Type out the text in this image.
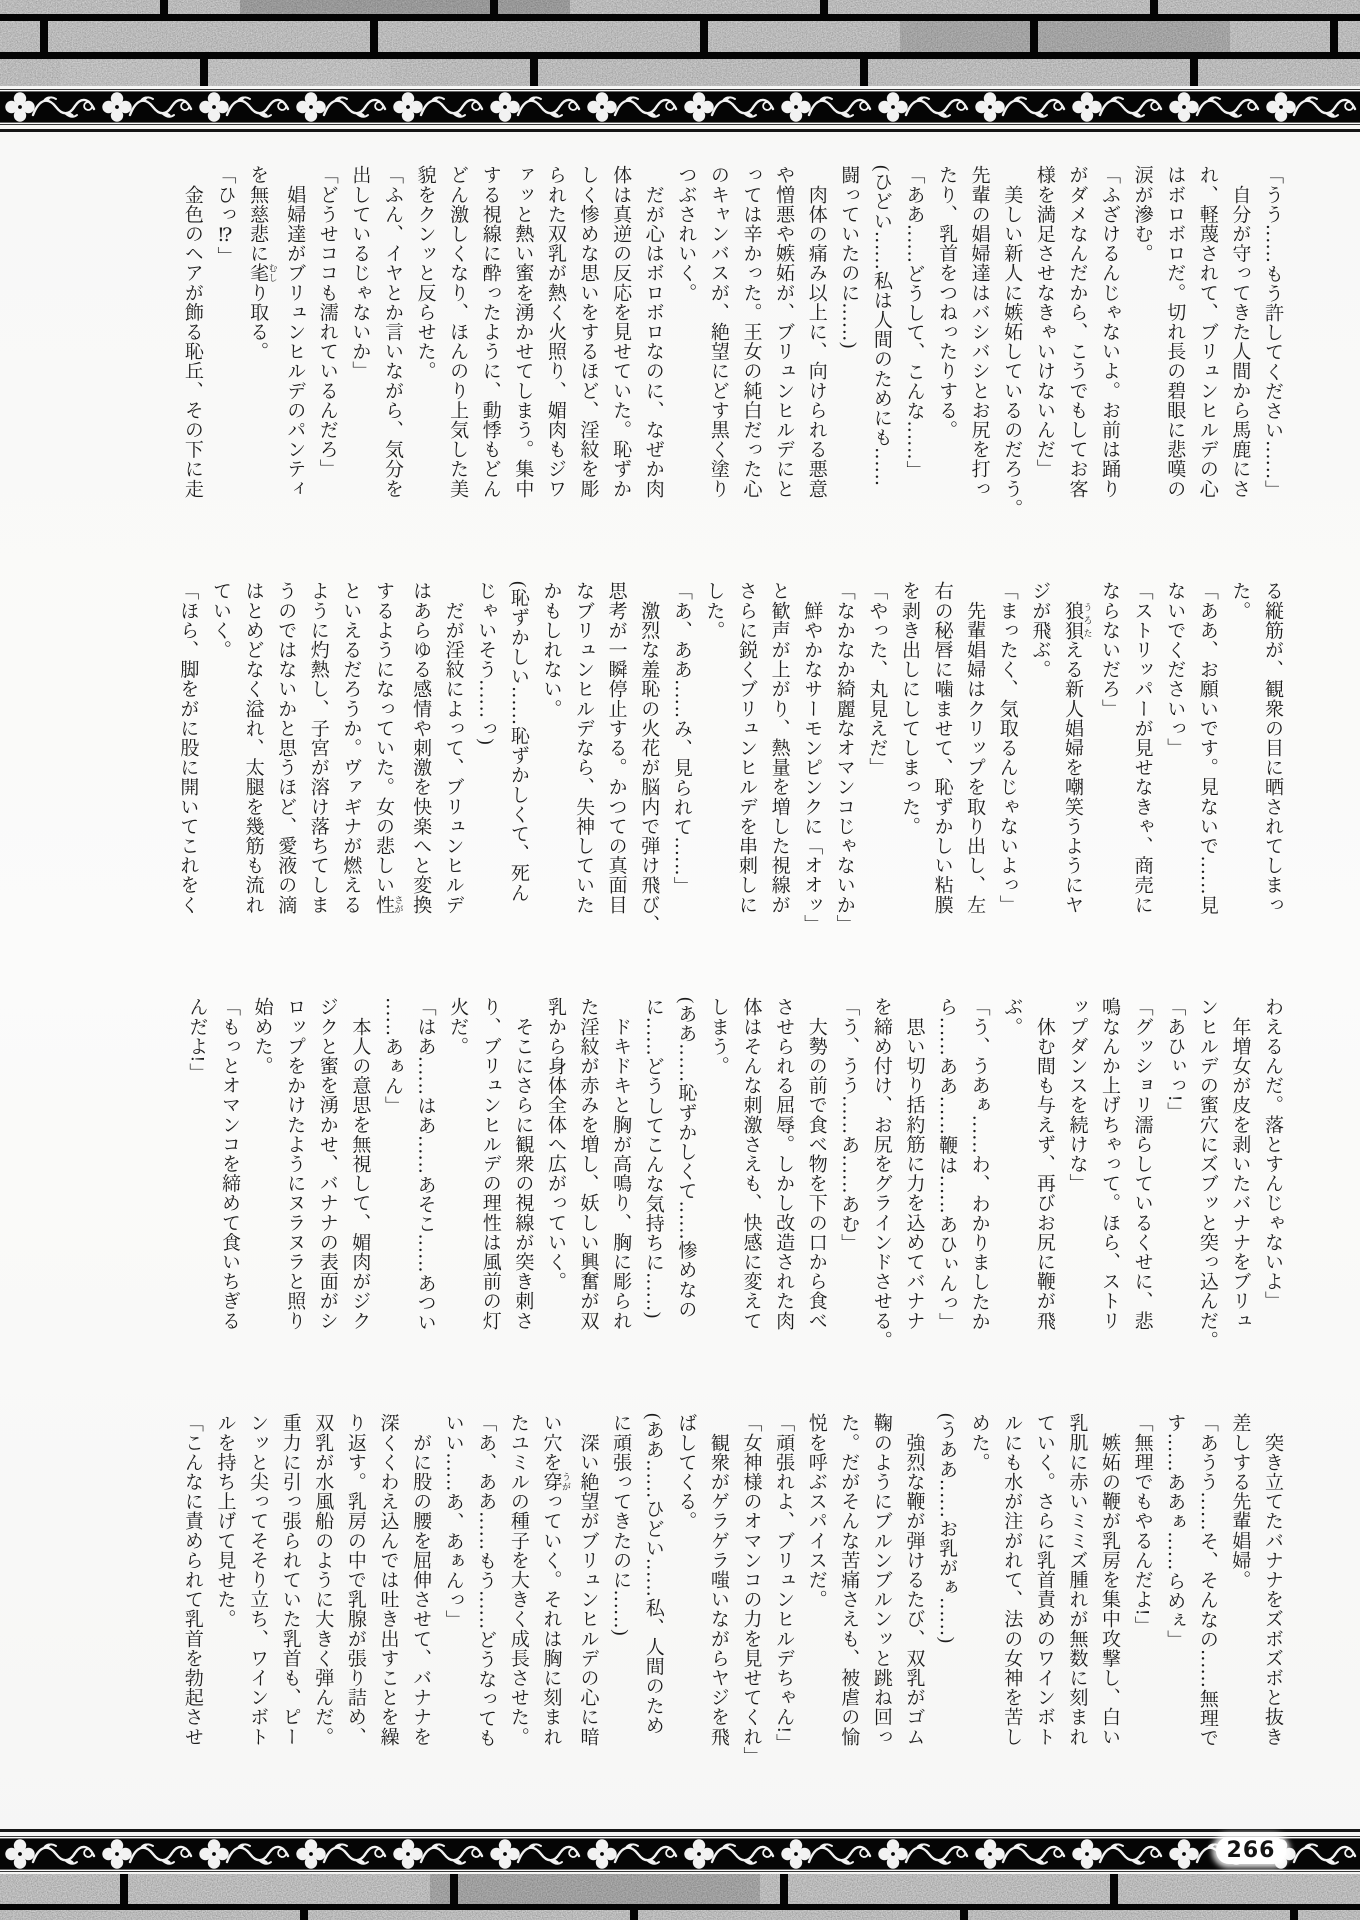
「うう‥‥‥もう許してください‥‥‥」
　自分が守ってきた人間から馬鹿にさ
れ、軽蔑されて、ブリュンヒルデの心
はボロボロだ。切れ長の碧眼に悲嘆の
涙が滲む。
「ふざけるんじゃないよ。お前は踊り
がダメなんだから、こうでもしてお客
様を満足させなきゃいけないんだ」
　美しい新人に嫉妬しているのだろう。
先輩の娼婦達はバシバシとお尻を打っ
たり、乳首をつねったりする。
「ああ‥‥‥どうして、こんな‥‥‥」
(ひどい‥‥‥私は人間のためにも‥‥‥
闘っていたのに‥‥‥)
　肉体の痛み以上に、向けられる悪意
や憎悪や嫉妬が、ブリュンヒルデにと
っては辛かった。王女の純白だった心
のキャンバスが、絶望にどす黒く塗り
つぶされいく。
　だが心はボロボロなのに、なぜか肉
体は真逆の反応を見せていた。恥ずか
しく惨めな思いをするほど、淫紋を彫
られた双乳が熱く火照り、媚肉もジワ
ァッと熱い蜜を湧かせてしまう。集中
する視線に酔ったように、動悸もどん
どん激しくなり、ほんのり上気した美
貌をクンッと反らせた。
「ふん、イヤとか言いながら、気分を
出しているじゃないか」
「どうせココも濡れているんだろ」
　娼婦達がブリュンヒルデのパンティ
を無慈悲に毟 むしり取る。
「ひっ⁉」
　金色のヘアが飾る恥丘、その下に走
る縦筋が、観衆の目に晒されてしまっ
た。
「ああ、お願いです。見ないで‥‥‥見
ないでくださいっ」
「ストリッパーが見せなきゃ、商売に
ならないだろ」
　狼狽 うろたえる新人娼婦を嘲笑うようにヤ
ジが飛ぶ。
「まったく、気取るんじゃないよっ」
　先輩娼婦はクリップを取り出し、左
右の秘唇に噛ませて、恥ずかしい粘膜
を剥き出しにしてしまった。
「やった、丸見えだ」
「なかなか綺麗なオマンコじゃないか」
　鮮やかなサーモンピンクに「オオッ」
と歓声が上がり、熱量を増した視線が
さらに鋭くブリュンヒルデを串刺しに
した。
「あ、ああ‥‥‥み、見られて‥‥‥」
　激烈な羞恥の火花が脳内で弾け飛び、
思考が一瞬停止する。かつての真面目
なブリュンヒルデなら、失神していた
かもしれない。
(恥ずかしい‥‥‥恥ずかしくて、死ん
じゃいそう‥‥‥っ)
　だが淫紋によって、ブリュンヒルデ
はあらゆる感情や刺激を快楽へと変換
するようになっていた。女の悲しい性 さが
といえるだろうか。ヴァギナが燃える
ように灼熱し、子宮が溶け落ちてしま
うのではないかと思うほど、愛液の滴
はとめどなく溢れ、太腿を幾筋も流れ
ていく。
「ほら、脚をがに股に開いてこれをく
わえるんだ。落とすんじゃないよ」
　年増女が皮を剥いたバナナをブリュ
ンヒルデの蜜穴にズブッと突っ込んだ。
「あひぃっ!」
「グッショリ濡らしているくせに、悲
鳴なんか上げちゃって。ほら、ストリ
ップダンスを続けな」
　休む間も与えず、再びお尻に鞭が飛
ぶ。
「う、うあぁ‥‥‥わ、わかりましたか
ら‥‥‥ああ‥‥‥鞭は‥‥‥あひぃんっ」
　思い切り括約筋に力を込めてバナナ
を締め付け、お尻をグラインドさせる。
「う、うう‥‥‥あ‥‥‥あむ」
　大勢の前で食べ物を下の口から食べ
させられる屈辱。しかし改造された肉
体はそんな刺激さえも、快感に変えて
しまう。
(ああ‥‥‥恥ずかしくて‥‥‥惨めなの
に‥‥‥どうしてこんな気持ちに‥‥‥)
　ドキドキと胸が高鳴り、胸に彫られ
た淫紋が赤みを増し、妖しい興奮が双
乳から身体全体へ広がっていく。
　そこにさらに観衆の視線が突き刺さ
り、ブリュンヒルデの理性は風前の灯
火だ。
「はあ‥‥‥はあ‥‥‥あそこ‥‥‥あつい
‥‥‥あぁん」
　本人の意思を無視して、媚肉がジク
ジクと蜜を湧かせ、バナナの表面がシ
ロップをかけたようにヌラヌラと照り
始めた。
「もっとオマンコを締めて食いちぎる
んだよ!」
　突き立てたバナナをズボズボと抜き
差しする先輩娼婦。
「あうう‥‥‥そ、そんなの‥‥‥無理で
す‥‥‥ああぁ‥‥‥らめぇ」
「無理でもやるんだよ!」
　嫉妬の鞭が乳房を集中攻撃し、白い
乳肌に赤いミミズ腫れが無数に刻まれ
ていく。さらに乳首責めのワインボト
ルにも水が注がれて、法の女神を苦し
めた。
(うああ‥‥‥お乳がぁ‥‥‥)
　強烈な鞭が弾けるたび、双乳がゴム
鞠のようにブルンブルンッと跳ね回っ
た。だがそんな苦痛さえも、被虐の愉
悦を呼ぶスパイスだ。
「頑張れよ、ブリュンヒルデちゃん!」
「女神様のオマンコの力を見せてくれ」
　観衆がゲラゲラ嗤いながらヤジを飛
ばしてくる。
(ああ‥‥‥ひどい‥‥‥私、人間のため
に頑張ってきたのに‥‥‥)
　深い絶望がブリュンヒルデの心に暗
い穴を穿 うがっていく。それは胸に刻まれ
たユミルの種子を大きく成長させた。
「あ、ああ‥‥‥もう‥‥‥どうなっても
いい‥‥‥あ、あぁんっ」
　がに股の腰を屈伸させて、バナナを
深くくわえ込んでは吐き出すことを繰
り返す。乳房の中で乳腺が張り詰め、
双乳が水風船のように大きく弾んだ。
重力に引っ張られていた乳首も、ピー
ンッと尖ってそそり立ち、ワインボト
ルを持ち上げて見せた。
「こんなに責められて乳首を勃起させ
266
